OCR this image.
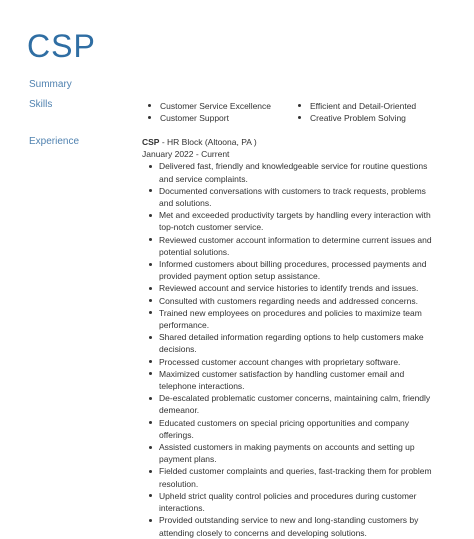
CSP
Summary
Skills
Experience
Customer Service Excellence
Customer Support
Efficient and Detail-Oriented
Creative Problem Solving
CSP - HR Block (Altoona, PA )
January 2022 - Current
Delivered fast, friendly and knowledgeable service for routine questions and service complaints.
Documented conversations with customers to track requests, problems and solutions.
Met and exceeded productivity targets by handling every interaction with top-notch customer service.
Reviewed customer account information to determine current issues and potential solutions.
Informed customers about billing procedures, processed payments and provided payment option setup assistance.
Reviewed account and service histories to identify trends and issues.
Consulted with customers regarding needs and addressed concerns.
Trained new employees on procedures and policies to maximize team performance.
Shared detailed information regarding options to help customers make decisions.
Processed customer account changes with proprietary software.
Maximized customer satisfaction by handling customer email and telephone interactions.
De-escalated problematic customer concerns, maintaining calm, friendly demeanor.
Educated customers on special pricing opportunities and company offerings.
Assisted customers in making payments on accounts and setting up payment plans.
Fielded customer complaints and queries, fast-tracking them for problem resolution.
Upheld strict quality control policies and procedures during customer interactions.
Provided outstanding service to new and long-standing customers by attending closely to concerns and developing solutions.
